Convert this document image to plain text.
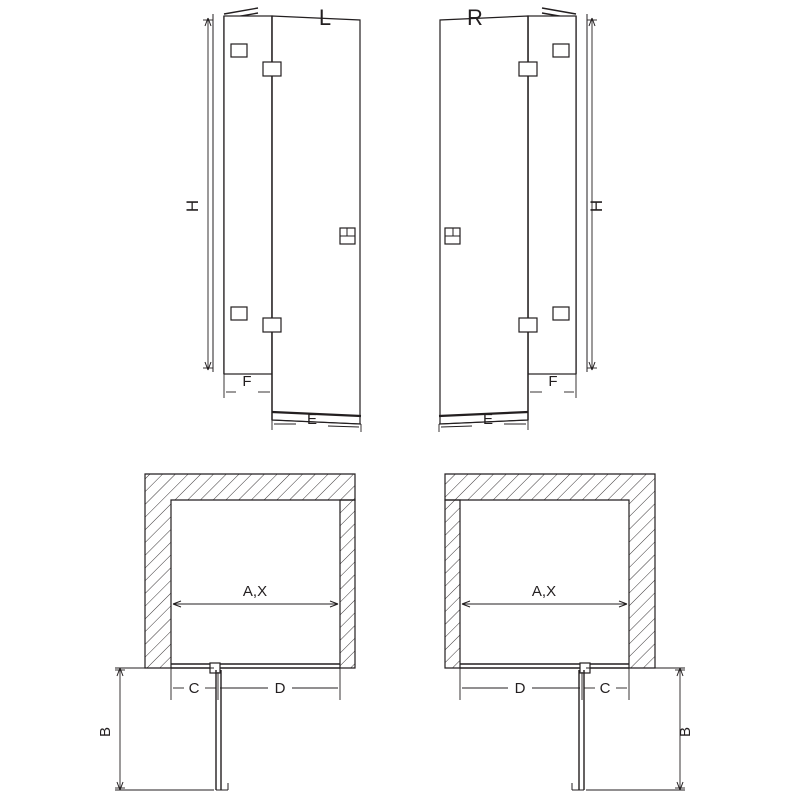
H
F
E
L
H
F
E
R
A,X
C	D
B
A,X
D	C
B
